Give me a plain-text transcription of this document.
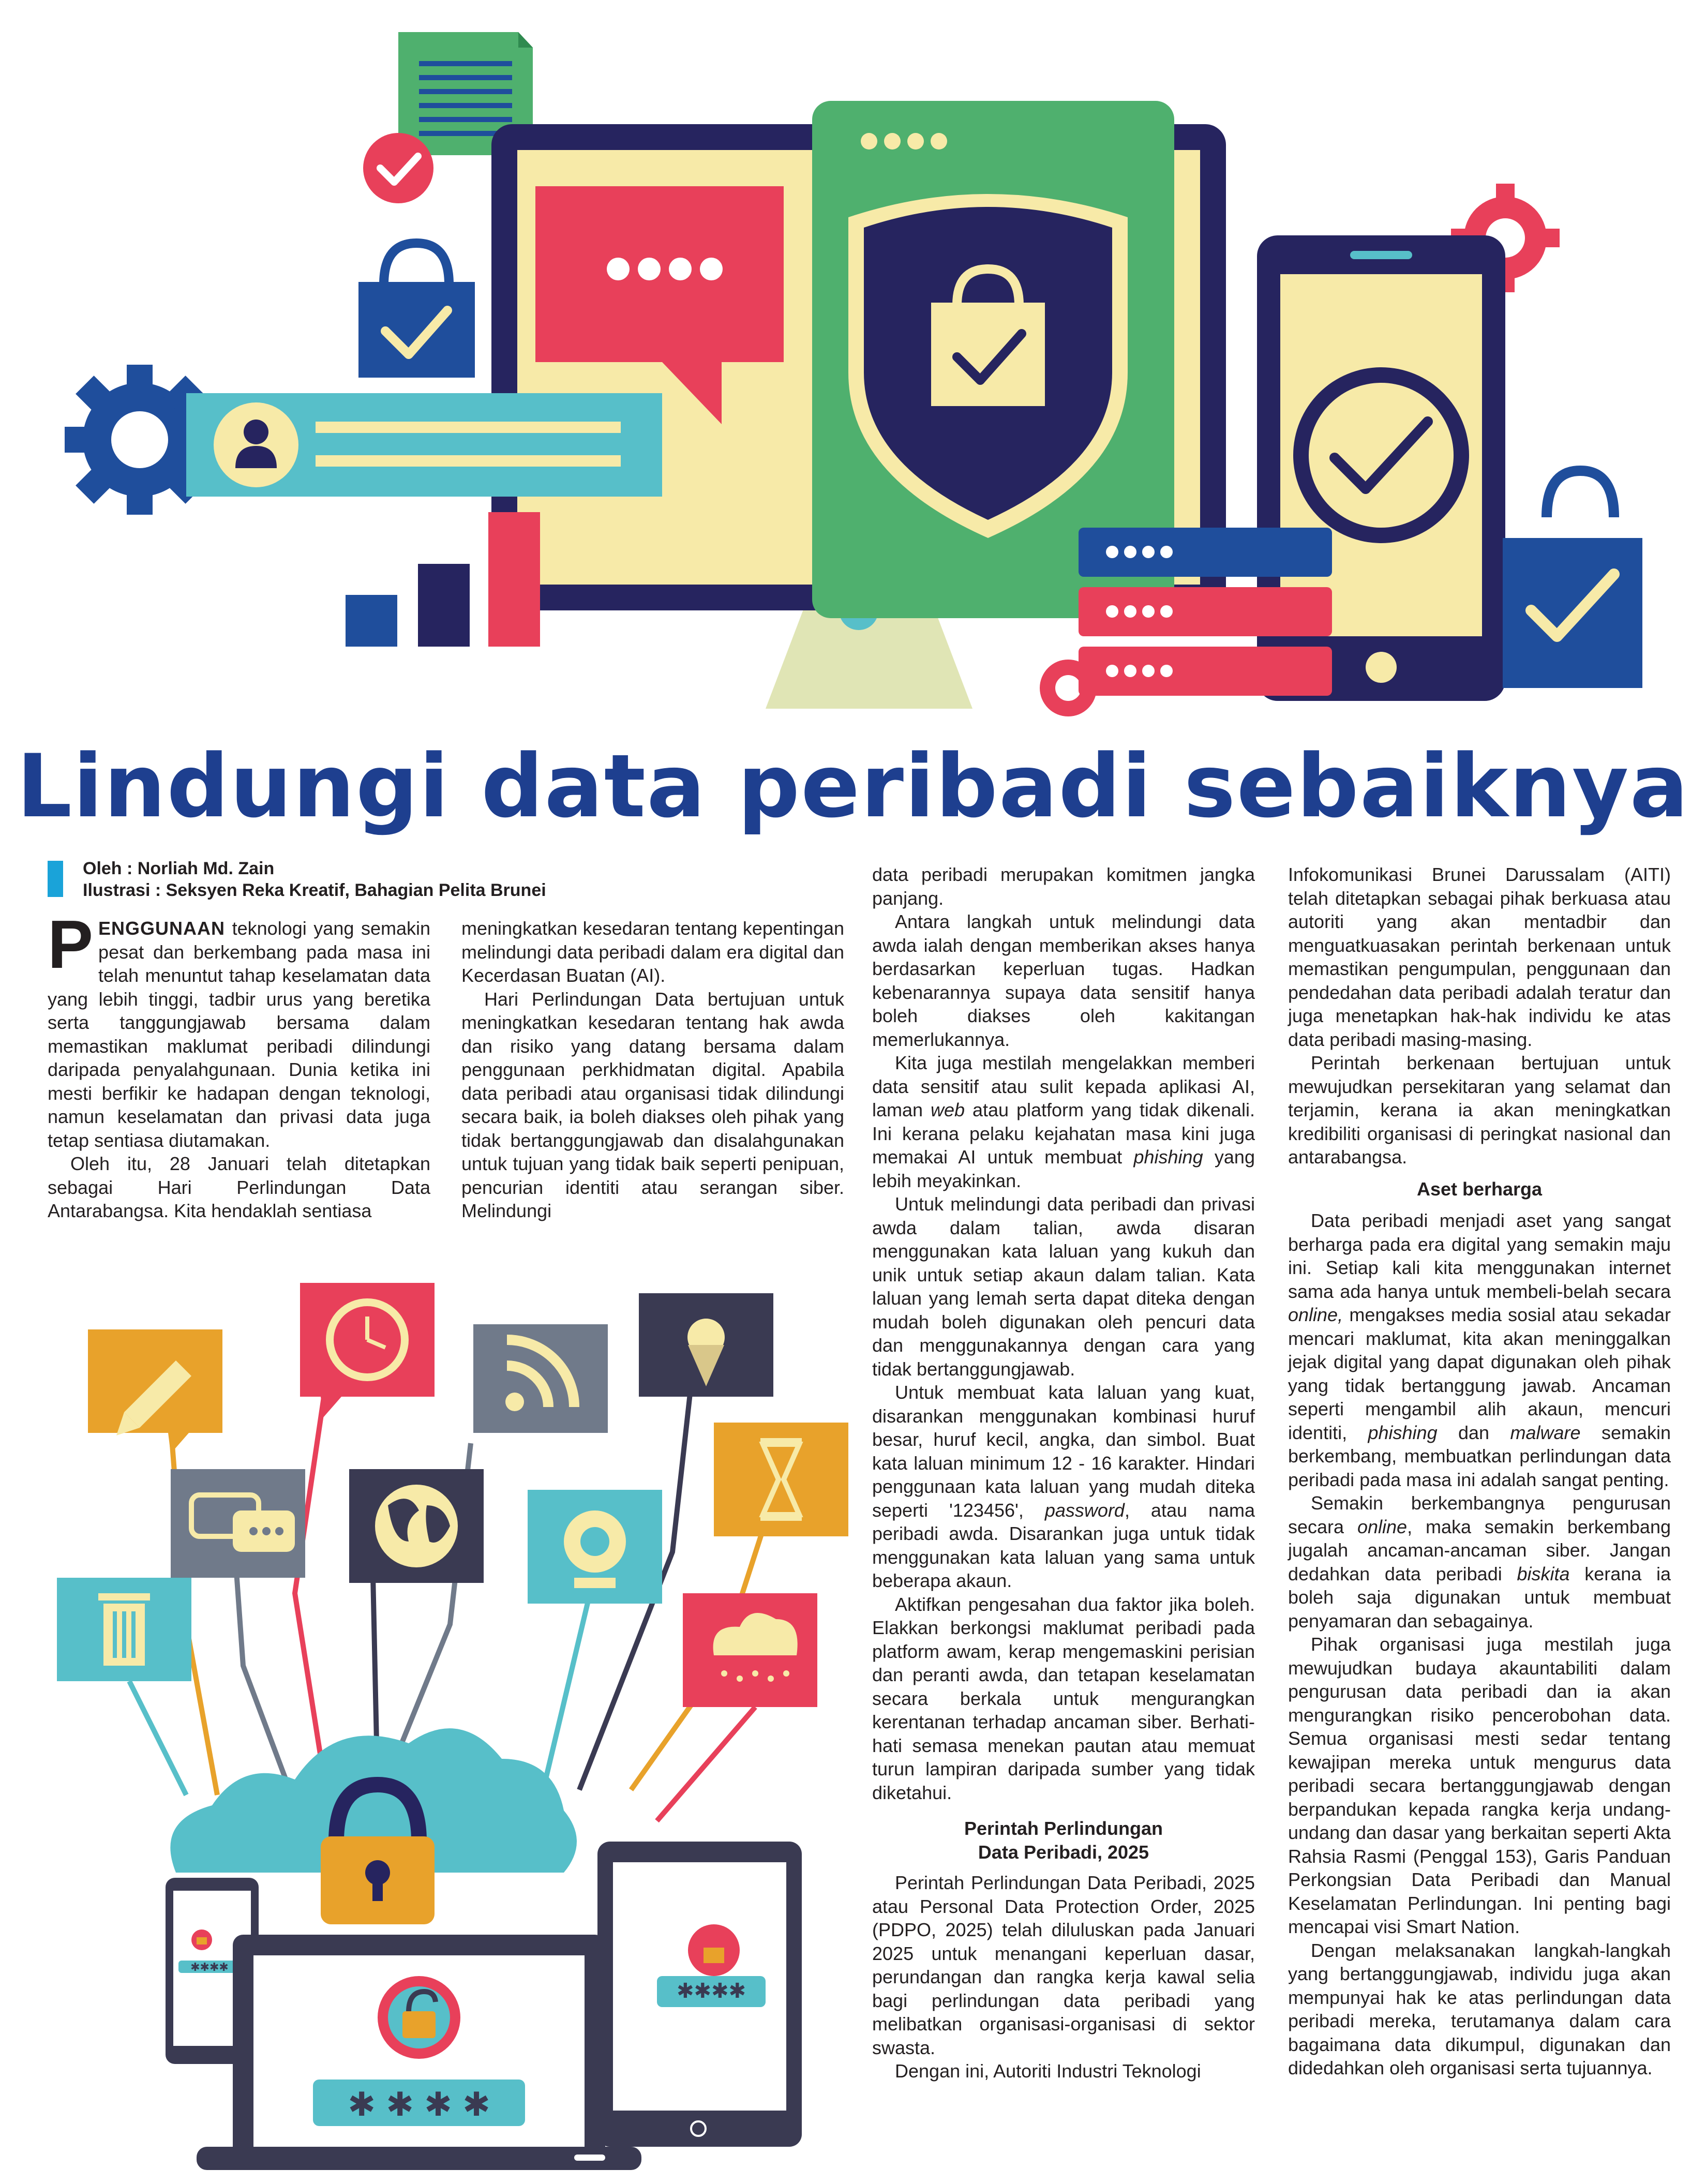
Lindungi data peribadi sebaiknya
Oleh : Norliah Md. Zain
Ilustrasi : Seksyen Reka Kreatif, Bahagian Pelita Brunei

PENGGUNAAN teknologi yang semakin pesat dan berkembang pada masa ini telah menuntut tahap keselamatan data yang lebih tinggi, tadbir urus yang beretika serta tanggungjawab bersama dalam memastikan maklumat peribadi dilindungi daripada penyalahgunaan. Dunia ketika ini mesti berfikir ke hadapan dengan teknologi, namun keselamatan dan privasi data juga tetap sentiasa diutamakan.

Oleh itu, 28 Januari telah ditetapkan sebagai Hari Perlindungan Data Antarabangsa. Kita hendaklah sentiasa

meningkatkan kesedaran tentang kepentingan melindungi data peribadi dalam era digital dan Kecerdasan Buatan (AI).

Hari Perlindungan Data bertujuan untuk meningkatkan kesedaran tentang hak awda dan risiko yang datang bersama dalam penggunaan perkhidmatan digital. Apabila data peribadi atau organisasi tidak dilindungi secara baik, ia boleh diakses oleh pihak yang tidak bertanggungjawab dan disalahgunakan untuk tujuan yang tidak baik seperti penipuan, pencurian identiti atau serangan siber. Melindungi

data peribadi merupakan komitmen jangka panjang.

Antara langkah untuk melindungi data awda ialah dengan memberikan akses hanya berdasarkan keperluan tugas. Hadkan kebenarannya supaya data sensitif hanya boleh diakses oleh kakitangan memerlukannya.

Kita juga mestilah mengelakkan memberi data sensitif atau sulit kepada aplikasi AI, laman web atau platform yang tidak dikenali. Ini kerana pelaku kejahatan masa kini juga memakai AI untuk membuat phishing yang lebih meyakinkan.

Untuk melindungi data peribadi dan privasi awda dalam talian, awda disaran menggunakan kata laluan yang kukuh dan unik untuk setiap akaun dalam talian. Kata laluan yang lemah serta dapat diteka dengan mudah boleh digunakan oleh pencuri data dan menggunakannya dengan cara yang tidak bertanggungjawab.

Untuk membuat kata laluan yang kuat, disarankan menggunakan kombinasi huruf besar, huruf kecil, angka, dan simbol. Buat kata laluan minimum 12 - 16 karakter. Hindari penggunaan kata laluan yang mudah diteka seperti '123456', password, atau nama peribadi awda. Disarankan juga untuk tidak menggunakan kata laluan yang sama untuk beberapa akaun.

Aktifkan pengesahan dua faktor jika boleh. Elakkan berkongsi maklumat peribadi pada platform awam, kerap mengemaskini perisian dan peranti awda, dan tetapan keselamatan secara berkala untuk mengurangkan kerentanan terhadap ancaman siber. Berhati-hati semasa menekan pautan atau memuat turun lampiran daripada sumber yang tidak diketahui.

Perintah Perlindungan
Data Peribadi, 2025

Perintah Perlindungan Data Peribadi, 2025 atau Personal Data Protection Order, 2025 (PDPO, 2025) telah diluluskan pada Januari 2025 untuk menangani keperluan dasar, perundangan dan rangka kerja kawal selia bagi perlindungan data peribadi yang melibatkan organisasi-organisasi di sektor swasta.

Dengan ini, Autoriti Industri Teknologi

Infokomunikasi Brunei Darussalam (AITI) telah ditetapkan sebagai pihak berkuasa atau autoriti yang akan mentadbir dan menguatkuasakan perintah berkenaan untuk memastikan pengumpulan, penggunaan dan pendedahan data peribadi adalah teratur dan juga menetapkan hak-hak individu ke atas data peribadi masing-masing.

Perintah berkenaan bertujuan untuk mewujudkan persekitaran yang selamat dan terjamin, kerana ia akan meningkatkan kredibiliti organisasi di peringkat nasional dan antarabangsa.

Aset berharga

Data peribadi menjadi aset yang sangat berharga pada era digital yang semakin maju ini. Setiap kali kita menggunakan internet sama ada hanya untuk membeli-belah secara online, mengakses media sosial atau sekadar mencari maklumat, kita akan meninggalkan jejak digital yang dapat digunakan oleh pihak yang tidak bertanggung jawab. Ancaman seperti mengambil alih akaun, mencuri identiti, phishing dan malware semakin berkembang, membuatkan perlindungan data peribadi pada masa ini adalah sangat penting.

Semakin berkembangnya pengurusan secara online, maka semakin berkembang jugalah ancaman-ancaman siber. Jangan dedahkan data peribadi biskita kerana ia boleh saja digunakan untuk membuat penyamaran dan sebagainya.

Pihak organisasi juga mestilah juga mewujudkan budaya akauntabiliti dalam pengurusan data peribadi dan ia akan mengurangkan risiko pencerobohan data. Semua organisasi mesti sedar tentang kewajipan mereka untuk mengurus data peribadi secara bertanggungjawab dengan berpandukan kepada rangka kerja undang-undang dan dasar yang berkaitan seperti Akta Rahsia Rasmi (Penggal 153), Garis Panduan Perkongsian Data Peribadi dan Manual Keselamatan Perlindungan. Ini penting bagi mencapai visi Smart Nation.

Dengan melaksanakan langkah-langkah yang bertanggungjawab, individu juga akan mempunyai hak ke atas perlindungan data peribadi mereka, terutamanya dalam cara bagaimana data dikumpul, digunakan dan didedahkan oleh organisasi serta tujuannya.

✱✱✱✱
✱✱✱✱
✱ ✱ ✱ ✱
